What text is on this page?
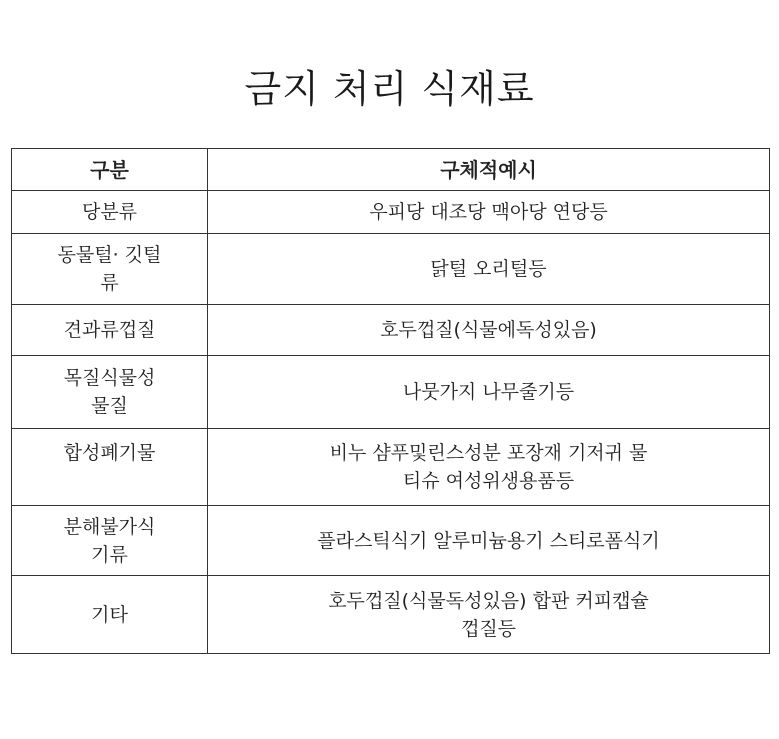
금지 처리 식재료
구분	구체적예시

당분류	우피당 대조당 맥아당 연당등

동물털· 깃털
류	닭털 오리털등

견과류껍질	호두껍질(식물에독성있음)

목질식물성
물질	나뭇가지 나무줄기등

합성폐기물	비누 샴푸및린스성분 포장재 기저귀 물
티슈 여성위생용품등

분해불가식
기류	플라스틱식기 알루미늄용기 스티로폼식기

기타	호두껍질(식물독성있음) 합판 커피캡슐
껍질등
